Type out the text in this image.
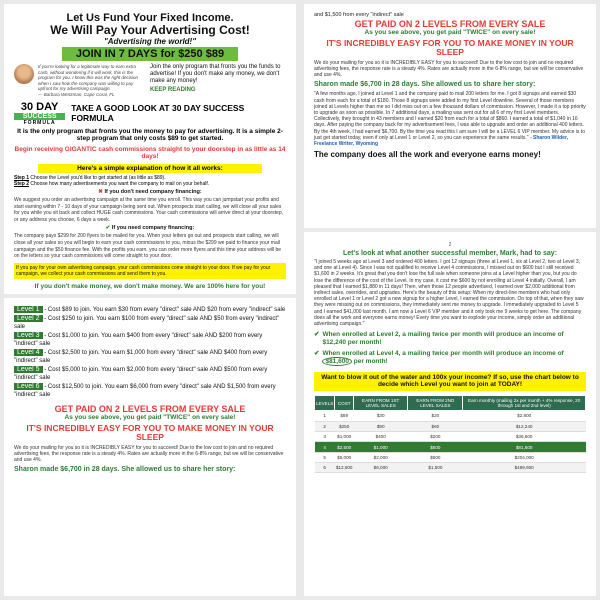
Let Us Fund Your Fixed Income.
We Will Pay Your Advertising Cost!
"Advertising the world!"
JOIN IN 7 DAYS for $250 $89
If you're looking for a legitimate way to earn extra cash, without wondering if it will work, this is the program for you. I know this was the right decision when I saw how the company was willing to pay upfront for my advertising campaign.
— Barbara Wertzman, Cape Coral, FL
Join the only program that fronts you the funds to advertise! If you don't make any money, we don't make any money!
KEEP READING
30 DAY
SUCCESS
FORMULA
TAKE A GOOD LOOK AT 30 DAY SUCCESS FORMULA
It is the only program that fronts you the money to pay for advertising. It is a simple 2-step program that only costs $89 to get started.
Begin receiving GIGANTIC cash commissions straight to your doorstep in as little as 14 days!
Here's a simple explanation of how it all works:
Step 1 Choose the Level you'd like to get started at (as little as $89).
Step 2 Choose how many advertisements you want the company to mail on your behalf.
✖ If you don't need company financing:
We suggest you order an advertising campaign at the same time you enroll. This way you can jumpstart your profits and start earning within 7 - 10 days of your campaign being sent out. When prospects start calling, we will close all your sales for you while you sit back and collect HUGE cash commissions. Your cash commissions will arrive direct at your doorstep, or any address you choose, 6 days a week.
✔ If you need company financing:
The company pays $299 for 200 flyers to be mailed for you. When your letters go out and prospects start calling, we will close all your sales so you will begin to earn your cash commissions to you, minus the $299 we paid to finance your mail campaign and the $50 finance fee. With the profits you earn, you can order more flyers and this time your address will be on the letters so your cash commissions will come straight to your door.
If you pay for your own advertising campaign, your cash commissions come straight to your door. If we pay for your campaign, we collect your cash commissions and send them to you.
If you don't make money, we don't make money. We are 100% here for you!
and $1,500 from every "indirect" sale
GET PAID ON 2 LEVELS FROM EVERY SALE
As you see above, you get paid "TWICE" on every sale!
IT'S INCREDIBLY EASY FOR YOU TO MAKE MONEY IN YOUR SLEEP
We do your mailing for you so it is INCREDIBLY EASY for you to succeed! Due to the low cost to join and no required advertising fees, the response rate is a steady 4%. Rates are actually more in the 6-8% range, but we will be conservative and use 4%.
Sharon made $6,700 in 28 days. She allowed us to share her story:
"A few months ago, I joined at Level 1 and the company paid to mail 200 letters for me. I got 8 signups and earned $30 cash from each for a total of $180. Those 8 signups were added to my first Level downline. Several of those members joined at Levels higher than me so I did miss out on a few thousand dollars of commission. However, I made it a top priority to upgrade as soon as possible. In 7 additional days, a mailing was sent out for all 6 of my first Level members. Collectively, they brought in 43 members and I earned $20 from each for a total of $860. I earned a total of $1,040 in 16 days. After paying the company back for my advertisement fees, I was able to upgrade and order an additional 400 letters. By the 4th week, I had earned $6,700. By the time you read this I am sure I will be a LEVEL 6 VIP member. My advice is to just get started today, even if only at Level 1 or Level 2, so you can experience the same results." - Sharon Wilder, Freelance Writer, Wyoming
The company does all the work and everyone earns money!
2
Let's look at what another successful member, Mark, had to say:
"I joined 5 weeks ago at Level 3 and ordered 400 letters. I got 12 signups (three at Level 1, six at Level 2, two at Level 3, and one at Level 4). Since I was not qualified to receive Level 4 commissions, I missed out on $600 but I still received $1,600 in 2 weeks. It's great that you don't lose the full sale when someone joins at a Level higher than you, but you do lose the difference of the cost of the Level. In my case, it cost me $600 by not enrolling at Level 4 initially. Overall, I am pleased that I earned $1,880 in 11 days! Then, when those 12 people advertised, I earned over $2,000 additional from indirect sales, overrides, and upgrades. Here's the beauty of this setup: When my direct-line members who had only enrolled at Level 1 or Level 2 got a new signup for a higher Level, I earned the commission. On top of that, when they saw they were missing out on commissions, they immediately sent me money to upgrade. I immediately upgraded to Level 5 and I earned $41,000 last month. I am now a Level 6 VIP member and it only took me 9 weeks to get here. The company does all the work and everyone earns money! Every time you want to explode your income, simply order an additional advertising campaign."
✔ When enrolled at Level 2, a mailing twice per month will produce an income of $12,240 per month!
✔ When enrolled at Level 4, a mailing twice per month will produce an income of $81,600 per month!
Want to blow it out of the water and 100x your income? If so, use the chart below to decide which Level you want to join at TODAY!
LEVELS	COST	EARN FROM 1ST LEVEL SALES	EARN FROM 2ND LEVEL SALES	Earn monthly (mailing 2x per month + 4% response, 20 through 1st and 2nd level)
1	$89	$30	$20	$2,800
2	$250	$90	$60	$12,240
3	$1,000	$400	$200	$36,600
4	$2,500	$1,000	$500	$81,600
5	$5,000	$2,000	$500	$204,000
6	$12,500	$6,000	$1,500	$489,600
Level 1 - Cost $89 to join. You earn $30 from every "direct" sale AND $20 from every "indirect" sale
Level 2 - Cost $250 to join. You earn $100 from every "direct" sale AND $50 from every "indirect" sale
Level 3 - Cost $1,000 to join. You earn $400 from every "direct" sale AND $200 from every "indirect" sale
Level 4 - Cost $2,500 to join. You earn $1,000 from every "direct" sale AND $400 from every "indirect" sale
Level 5 - Cost $5,000 to join. You earn $2,000 from every "direct" sale AND $500 from every "indirect" sale
Level 6 - Cost $12,500 to join. You earn $6,000 from every "direct" sale AND $1,500 from every "indirect" sale
GET PAID ON 2 LEVELS FROM EVERY SALE
As you see above, you get paid "TWICE" on every sale!
IT'S INCREDIBLY EASY FOR YOU TO MAKE MONEY IN YOUR SLEEP
We do your mailing for you so it is INCREDIBLY EASY for you to succeed! Due to the low cost to join and no required advertising fees, the response rate is a steady 4%. Rates are actually more in the 6-8% range, but we will be conservative and use 4%.
Sharon made $6,700 in 28 days. She allowed us to share her story:
